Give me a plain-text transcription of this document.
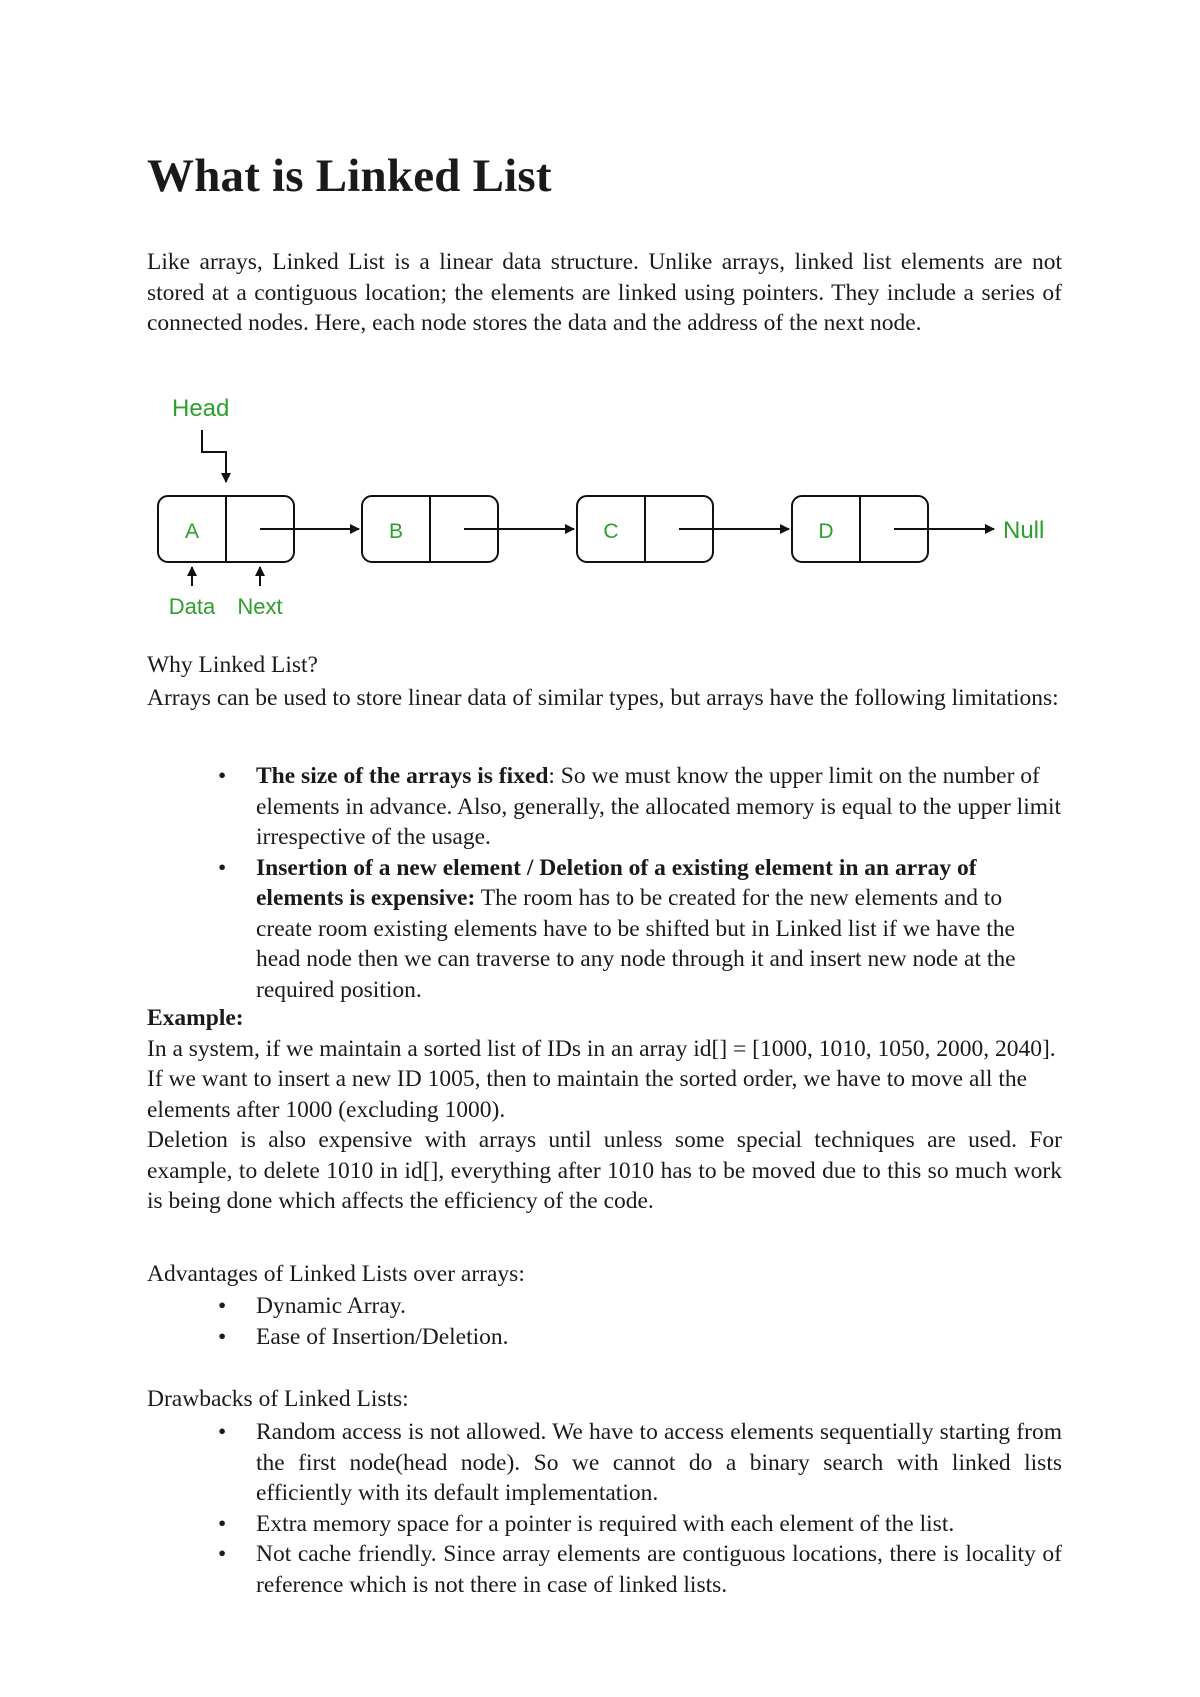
What is Linked List

Like arrays, Linked List is a linear data structure. Unlike arrays, linked list elements are not stored at a contiguous location; the elements are linked using pointers. They include a series of connected nodes. Here, each node stores the data and the address of the next node.

Head
A	B	C	D	Null
Data Next

Why Linked List?

Arrays can be used to store linear data of similar types, but arrays have the following limitations:

• The size of the arrays is fixed: So we must know the upper limit on the number of elements in advance. Also, generally, the allocated memory is equal to the upper limit irrespective of the usage.
• Insertion of a new element / Deletion of a existing element in an array of elements is expensive: The room has to be created for the new elements and to create room existing elements have to be shifted but in Linked list if we have the head node then we can traverse to any node through it and insert new node at the required position.
Example:
In a system, if we maintain a sorted list of IDs in an array id[] = [1000, 1010, 1050, 2000, 2040].
If we want to insert a new ID 1005, then to maintain the sorted order, we have to move all the elements after 1000 (excluding 1000).
Deletion is also expensive with arrays until unless some special techniques are used. For example, to delete 1010 in id[], everything after 1010 has to be moved due to this so much work is being done which affects the efficiency of the code.

Advantages of Linked Lists over arrays:

• Dynamic Array.
• Ease of Insertion/Deletion.

Drawbacks of Linked Lists:

• Random access is not allowed. We have to access elements sequentially starting from the first node(head node). So we cannot do a binary search with linked lists efficiently with its default implementation.
• Extra memory space for a pointer is required with each element of the list.
• Not cache friendly. Since array elements are contiguous locations, there is locality of reference which is not there in case of linked lists.
